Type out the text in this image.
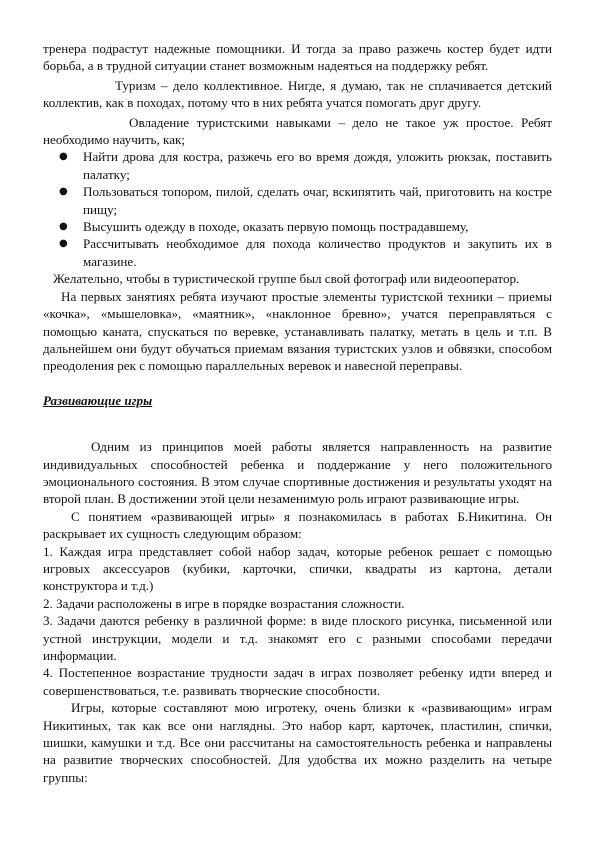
тренера подрастут надежные помощники. И тогда за право разжечь костер будет идти борьба, а в трудной ситуации станет возможным надеяться на поддержку ребят.

Туризм – дело коллективное. Нигде, я думаю, так не сплачивается детский коллектив, как в походах, потому что в них ребята учатся помогать друг другу.

Овладение туристскими навыками – дело не такое уж простое. Ребят необходимо научить, как;

● Найти дрова для костра, разжечь его во время дождя, уложить рюкзак, поставить палатку;
● Пользоваться топором, пилой, сделать очаг, вскипятить чай, приготовить на костре пищу;
● Высушить одежду в походе, оказать первую помощь пострадавшему,
● Рассчитывать необходимое для похода количество продуктов и закупить их в магазине.

Желательно, чтобы в туристической группе был свой фотограф или видеооператор.

На первых занятиях ребята изучают простые элементы туристской техники – приемы «кочка», «мышеловка», «маятник», «наклонное бревно», учатся переправляться с помощью каната, спускаться по веревке, устанавливать палатку, метать в цель и т.п. В дальнейшем они будут обучаться приемам вязания туристских узлов и обвязки, способом преодоления рек с помощью параллельных веревок и навесной переправы.

Развивающие игры

Одним из принципов моей работы является направленность на развитие индивидуальных способностей ребенка и поддержание у него положительного эмоционального состояния. В этом случае спортивные достижения и результаты уходят на второй план. В достижении этой цели незаменимую роль играют развивающие игры.

С понятием «развивающей игры» я познакомилась в работах Б.Никитина. Он раскрывает их сущность следующим образом:

1. Каждая игра представляет собой набор задач, которые ребенок решает с помощью игровых аксессуаров (кубики, карточки, спички, квадраты из картона, детали конструктора и т.д.)

2. Задачи расположены в игре в порядке возрастания сложности.

3. Задачи даются ребенку в различной форме: в виде плоского рисунка, письменной или устной инструкции, модели и т.д. знакомят его с разными способами передачи информации.

4. Постепенное возрастание трудности задач в играх позволяет ребенку идти вперед и совершенствоваться, т.е. развивать творческие способности.

Игры, которые составляют мою игротеку, очень близки к «развивающим» играм Никитиных, так как все они наглядны. Это набор карт, карточек, пластилин, спички, шишки, камушки и т.д. Все они рассчитаны на самостоятельность ребенка и направлены на развитие творческих способностей. Для удобства их можно разделить на четыре группы:
